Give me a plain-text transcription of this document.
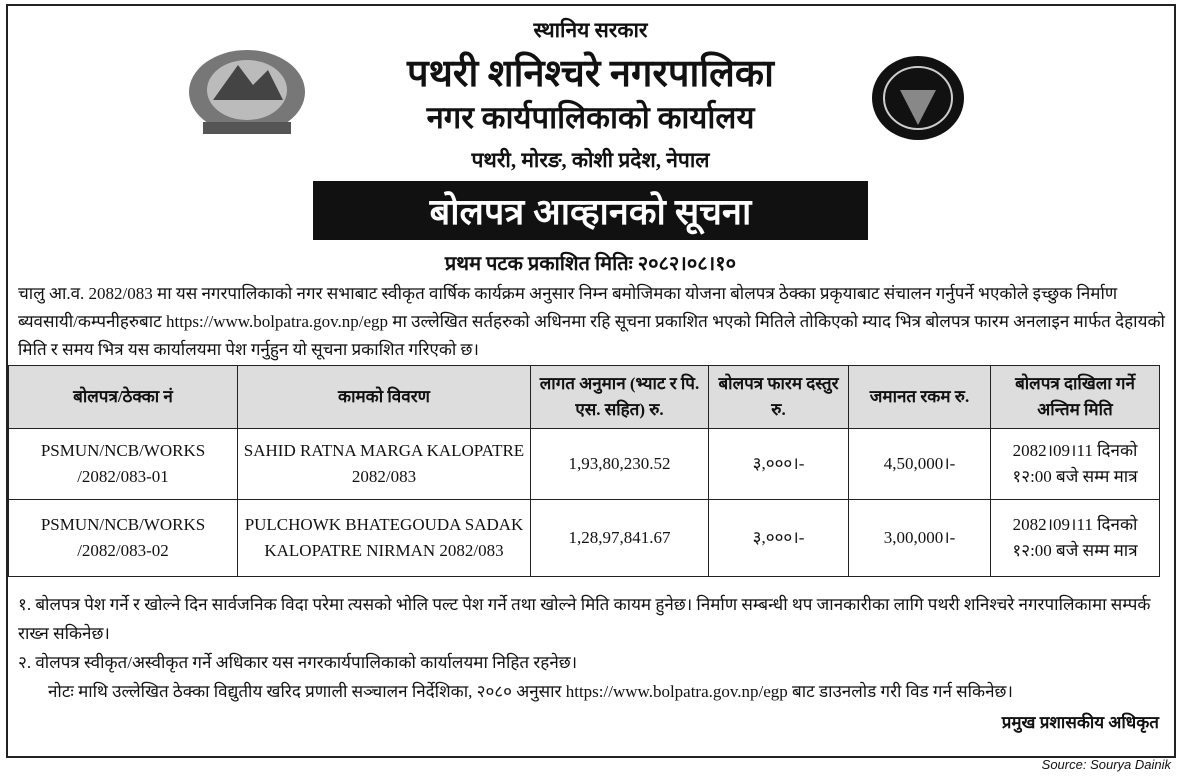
स्थानिय सरकार
पथरी शनिश्चरे नगरपालिका
नगर कार्यपालिकाको कार्यालय
पथरी, मोरङ, कोशी प्रदेश, नेपाल
बोलपत्र आव्हानको सूचना
प्रथम पटक प्रकाशित मितिः २०८२।०८।१०
चालु आ.व. 2082/083 मा यस नगरपालिकाको नगर सभाबाट स्वीकृत वार्षिक कार्यक्रम अनुसार निम्न बमोजिमका योजना बोलपत्र ठेक्का प्रकृयाबाट संचालन गर्नुपर्ने भएकोले इच्छुक निर्माण ब्यवसायी/कम्पनीहरुबाट https://www.bolpatra.gov.np/egp मा उल्लेखित सर्तहरुको अधिनमा रहि सूचना प्रकाशित भएको मितिले तोकिएको म्याद भित्र बोलपत्र फारम अनलाइन मार्फत देहायको मिति र समय भित्र यस कार्यालयमा पेश गर्नुहुन यो सूचना प्रकाशित गरिएको छ।
बोलपत्र/ठेक्का नं	कामको विवरण	लागत अनुमान (भ्याट र पि. एस. सहित) रु.	बोलपत्र फारम दस्तुर रु.	जमानत रकम रु.	बोलपत्र दाखिला गर्ने अन्तिम मिति
PSMUN/NCB/WORKS /2082/083-01	SAHID RATNA MARGA KALOPATRE 2082/083	1,93,80,230.52	३,०००।-	4,50,000।-	2082।09।11 दिनको १२:00 बजे सम्म मात्र
PSMUN/NCB/WORKS /2082/083-02	PULCHOWK BHATEGOUDA SADAK KALOPATRE NIRMAN 2082/083	1,28,97,841.67	३,०००।-	3,00,000।-	2082।09।11 दिनको १२:00 बजे सम्म मात्र
१. बोलपत्र पेश गर्ने र खोल्ने दिन सार्वजनिक विदा परेमा त्यसको भोलि पल्ट पेश गर्ने तथा खोल्ने मिति कायम हुनेछ। निर्माण सम्बन्धी थप जानकारीका लागि पथरी शनिश्चरे नगरपालिकामा सम्पर्क राख्न सकिनेछ।
२. वोलपत्र स्वीकृत/अस्वीकृत गर्ने अधिकार यस नगरकार्यपालिकाको कार्यालयमा निहित रहनेछ।
नोटः माथि उल्लेखित ठेक्का विद्युतीय खरिद प्रणाली सञ्चालन निर्देशिका, २०८० अनुसार https://www.bolpatra.gov.np/egp बाट डाउनलोड गरी विड गर्न सकिनेछ।
प्रमुख प्रशासकीय अधिकृत
Source: Sourya Dainik
